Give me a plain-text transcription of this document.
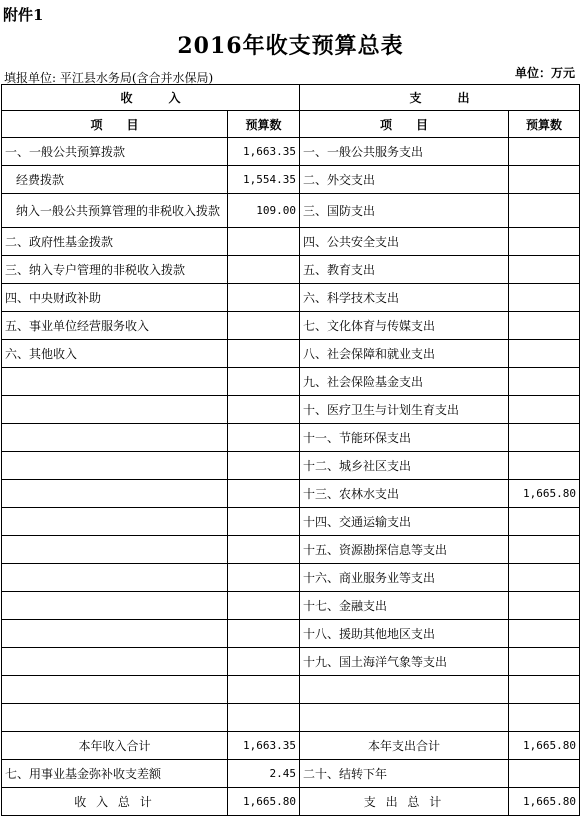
附件1
2016年收支预算总表
填报单位: 平江县水务局(含合并水保局)	单位：万元
收　　　入		支　　　出	
项　　目	预算数	项　　目	预算数
一、一般公共预算拨款	1,663.35	一、一般公共服务支出	
经费拨款	1,554.35	二、外交支出	
纳入一般公共预算管理的非税收入拨款	109.00	三、国防支出	
二、政府性基金拨款		四、公共安全支出	
三、纳入专户管理的非税收入拨款		五、教育支出	
四、中央财政补助		六、科学技术支出	
五、事业单位经营服务收入		七、文化体育与传媒支出	
六、其他收入		八、社会保障和就业支出	
		九、社会保险基金支出	
		十、医疗卫生与计划生育支出	
		十一、节能环保支出	
		十二、城乡社区支出	
		十三、农林水支出	1,665.80
		十四、交通运输支出	
		十五、资源勘探信息等支出	
		十六、商业服务业等支出	
		十七、金融支出	
		十八、援助其他地区支出	
		十九、国土海洋气象等支出	

本年收入合计	1,663.35	本年支出合计	1,665.80
七、用事业基金弥补收支差额	2.45	二十、结转下年	
收 入 总 计	1,665.80	支 出 总 计	1,665.80
